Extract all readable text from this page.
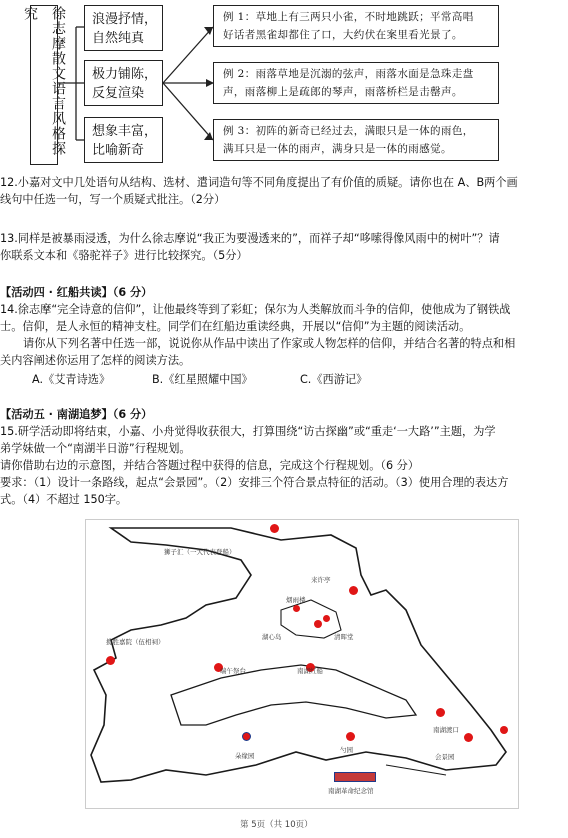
徐志摩散文语言风格探究	浪漫抒情，
自然纯真
极力铺陈，
反复渲染
想象丰富，
比喻新奇
例 1：草地上有三两只小雀，不时地跳跃；平常高唱
好话者黑雀却都住了口，大约伏在案里看光景了。
例 2：雨落草地是沉溺的弦声，雨落水面是急珠走盘
声，雨落柳上是疏郎的琴声，雨落桥栏是击罄声。
例 3：初阵的新奇已经过去，满眼只是一体的雨色，
满耳只是一体的雨声，满身只是一体的雨感觉。
12.小嘉对文中几处语句从结构、选材、遣词造句等不同角度提出了有价值的质疑。请你也在 A、B两个画
线句中任选一句，写一个质疑式批注。（2分）
13.同样是被暴雨浸透，为什么徐志摩说“我正为要漫透来的”，而祥子却“哆嗦得像风雨中的树叶”？请
你联系文本和《骆驼祥子》进行比较探究。（5分）
【活动四 · 红船共读】（6 分）
14.徐志摩“完全诗意的信仰”，让他最终等到了彩虹；保尔为人类解放而斗争的信仰，使他成为了钢铁战
士。信仰，是人永恒的精神支柱。同学们在红船边重读经典，开展以“信仰”为主题的阅读活动。
请你从下列名著中任选一部，说说你从作品中读出了作家或人物怎样的信仰，并结合名著的特点和相
关内容阐述你运用了怎样的阅读方法。
A.《艾青诗选》	B.《红星照耀中国》	C.《西游记》
【活动五 · 南湖追梦】（6 分）
15.研学活动即将结束，小嘉、小舟觉得收获很大，打算围绕“访古探幽”或“重走‘一大路’”主题，为学
弟学妹做一个“南湖半日游”行程规划。
请你借助右边的示意图，并结合答题过程中获得的信息，完成这个行程规划。（6 分）
要求：（1）设计一条路线，起点“会景园”。（2）安排三个符合景点特征的活动。（3）使用合理的表达方
式。（4）不超过 150字。
狮子汇（一大代表登船）
烟雨楼
来许亭
湖心岛	清晖堂
揽胜嘉院（伍相祠）
端午祭台	南湖红船
南湖渡口
朵缘园
勺园
会景园
南湖革命纪念馆
第 5页（共 10页）
